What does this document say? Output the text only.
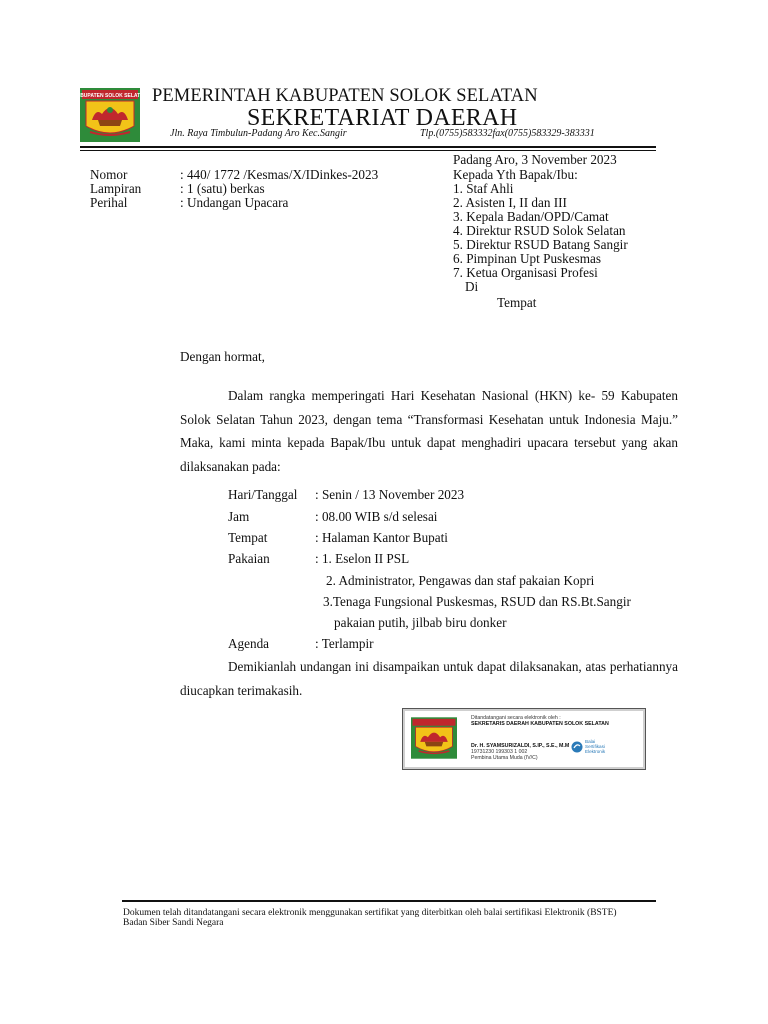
KABUPATEN SOLOK SELATAN PEMERINTAH KABUPATEN SOLOK SELATAN
SEKRETARIAT DAERAH
Jln. Raya Timbulun-Padang Aro Kec.Sangir	Tlp.(0755)583332fax(0755)583329-383331
Padang Aro, 3 November 2023
Nomor	: 440/ 1772 /Kesmas/X/IDinkes-2023
Lampiran	: 1 (satu) berkas
Perihal	: Undangan Upacara
Kepada Yth Bapak/Ibu:
1. Staf Ahli
2. Asisten I, II dan III
3. Kepala Badan/OPD/Camat
4. Direktur RSUD Solok Selatan
5. Direktur RSUD Batang Sangir
6. Pimpinan Upt Puskesmas
7. Ketua Organisasi Profesi
Di
Tempat
Dengan hormat,
Dalam rangka memperingati Hari Kesehatan Nasional (HKN) ke- 59 Kabupaten Solok Selatan Tahun 2023, dengan tema “Transformasi Kesehatan untuk Indonesia Maju.” Maka, kami minta kepada Bapak/Ibu untuk dapat menghadiri upacara tersebut yang akan dilaksanakan pada:
Hari/Tanggal : Senin / 13 November 2023
Jam	: 08.00 WIB s/d selesai
Tempat	: Halaman Kantor Bupati
Pakaian	: 1. Eselon II PSL
2. Administrator, Pengawas dan staf pakaian Kopri
3.Tenaga Fungsional Puskesmas, RSUD dan RS.Bt.Sangir
pakaian putih, jilbab biru donker
Agenda	: Terlampir
Demikianlah undangan ini disampaikan untuk dapat dilaksanakan, atas perhatiannya diucapkan terimakasih.
Ditandatangani secara elektronik oleh :
SEKRETARIS DAERAH KABUPATEN SOLOK SELATAN
Dr. H. SYAMSURIZALDI, S.IP., S.E., M.M
19731230 199303 1 002
Pembina Utama Muda (IV/C)
Balai
Sertifikasi
Elektronik
Dokumen telah ditandatangani secara elektronik menggunakan sertifikat yang diterbitkan oleh balai sertifikasi Elektronik (BSTE)
Badan Siber Sandi Negara
